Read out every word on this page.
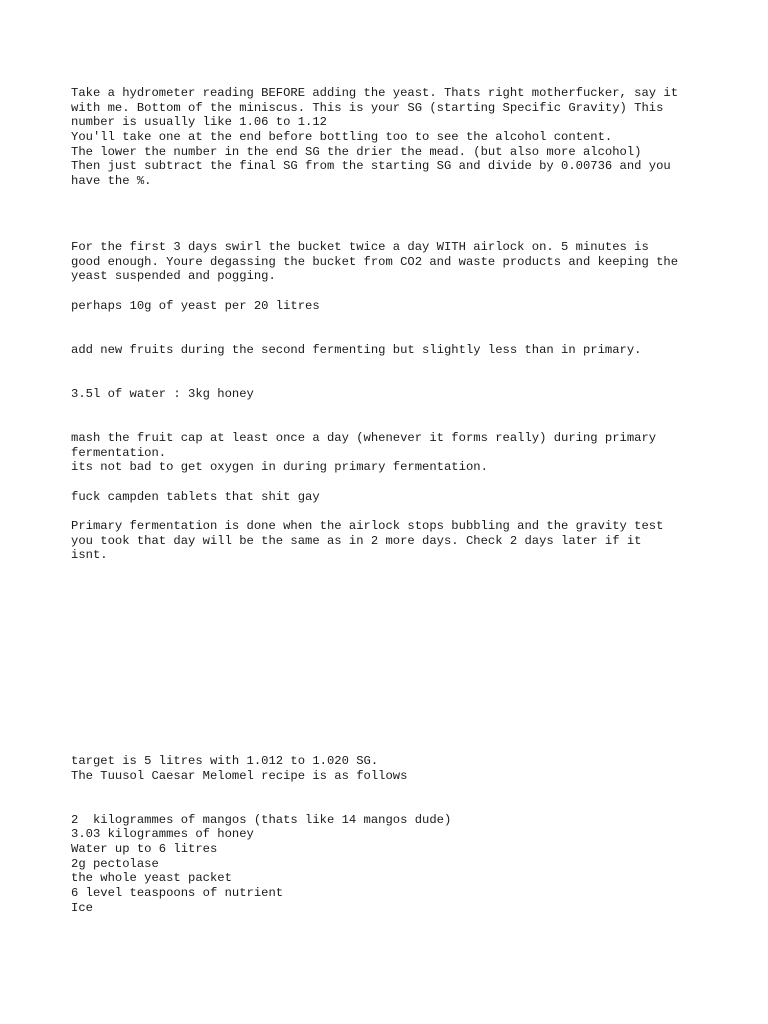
Take a hydrometer reading BEFORE adding the yeast. Thats right motherfucker, say it
with me. Bottom of the miniscus. This is your SG (starting Specific Gravity) This
number is usually like 1.06 to 1.12
You'll take one at the end before bottling too to see the alcohol content.
The lower the number in the end SG the drier the mead. (but also more alcohol)
Then just subtract the final SG from the starting SG and divide by 0.00736 and you
have the %.
For the first 3 days swirl the bucket twice a day WITH airlock on. 5 minutes is
good enough. Youre degassing the bucket from CO2 and waste products and keeping the
yeast suspended and pogging.
perhaps 10g of yeast per 20 litres
add new fruits during the second fermenting but slightly less than in primary.
3.5l of water : 3kg honey
mash the fruit cap at least once a day (whenever it forms really) during primary
fermentation.
its not bad to get oxygen in during primary fermentation.
fuck campden tablets that shit gay
Primary fermentation is done when the airlock stops bubbling and the gravity test
you took that day will be the same as in 2 more days. Check 2 days later if it
isnt.
target is 5 litres with 1.012 to 1.020 SG.
The Tuusol Caesar Melomel recipe is as follows
2  kilogrammes of mangos (thats like 14 mangos dude)
3.03 kilogrammes of honey
Water up to 6 litres
2g pectolase
the whole yeast packet
6 level teaspoons of nutrient
Ice
